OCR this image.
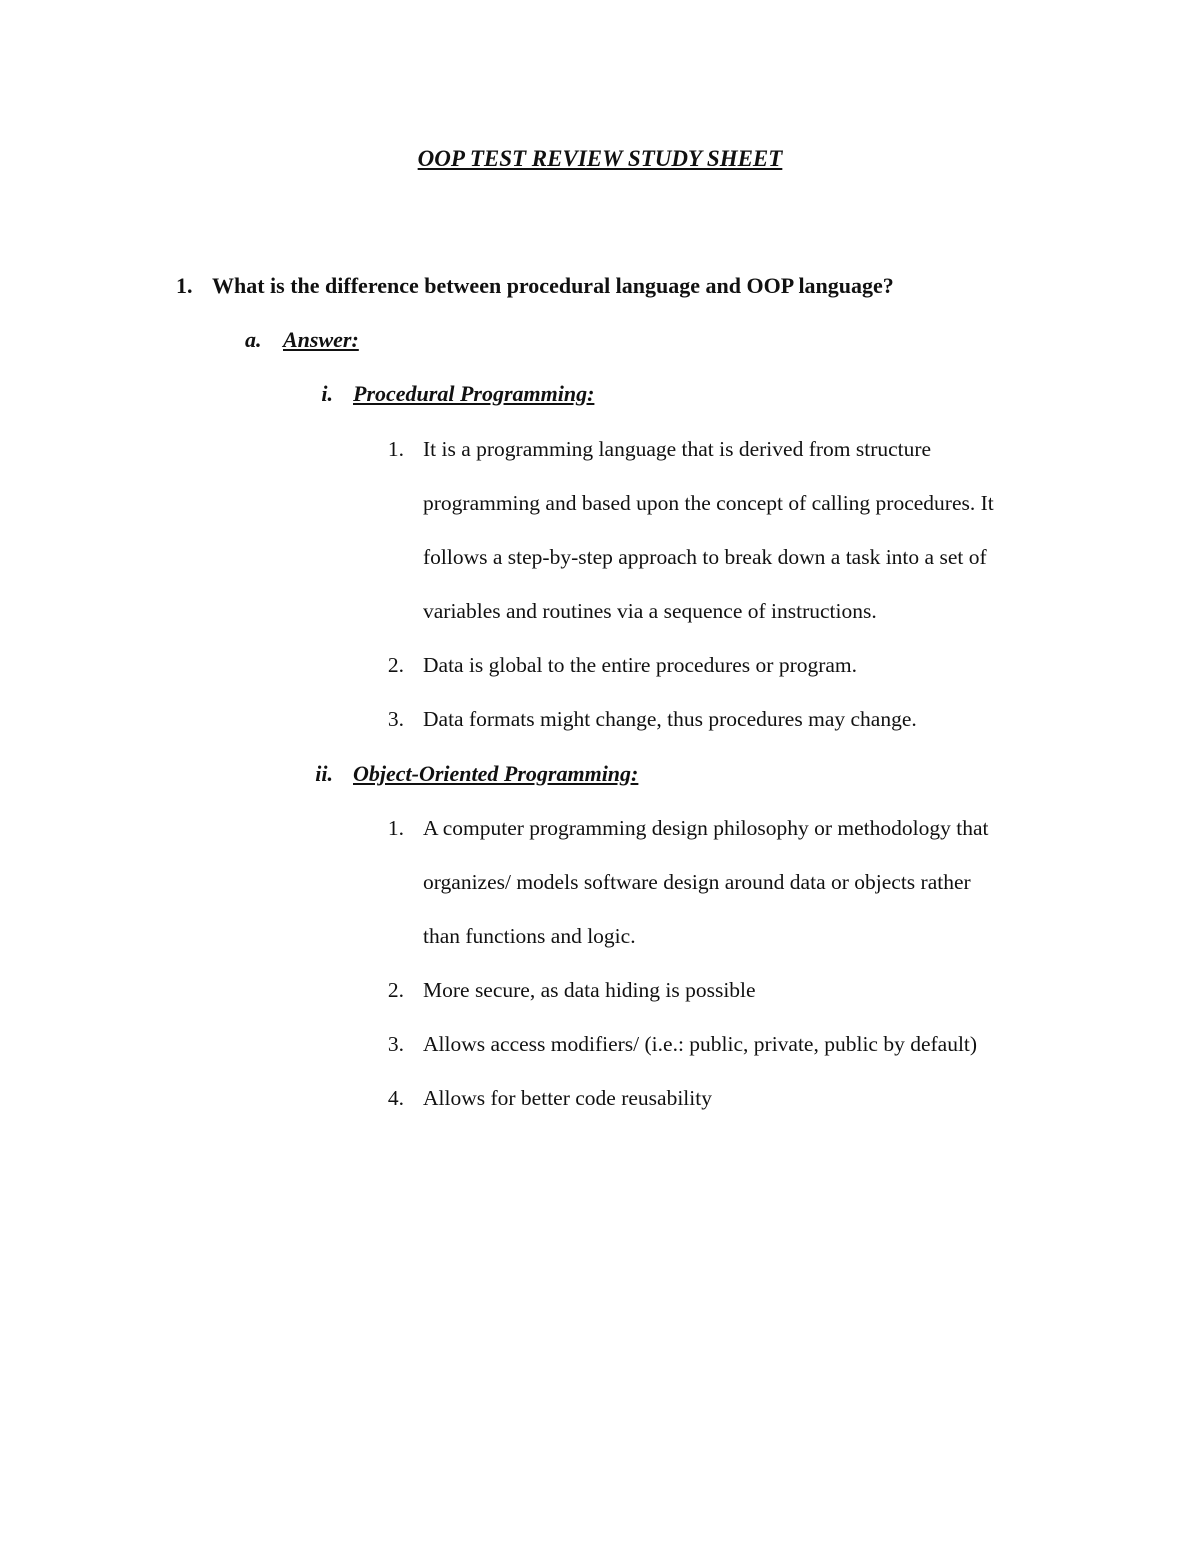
OOP TEST REVIEW STUDY SHEET
1. What is the difference between procedural language and OOP language?
a. Answer:
i. Procedural Programming:
1. It is a programming language that is derived from structure
programming and based upon the concept of calling procedures. It
follows a step-by-step approach to break down a task into a set of
variables and routines via a sequence of instructions.
2. Data is global to the entire procedures or program.
3. Data formats might change, thus procedures may change.
ii. Object-Oriented Programming:
1. A computer programming design philosophy or methodology that
organizes/ models software design around data or objects rather
than functions and logic.
2. More secure, as data hiding is possible
3. Allows access modifiers/ (i.e.: public, private, public by default)
4. Allows for better code reusability
